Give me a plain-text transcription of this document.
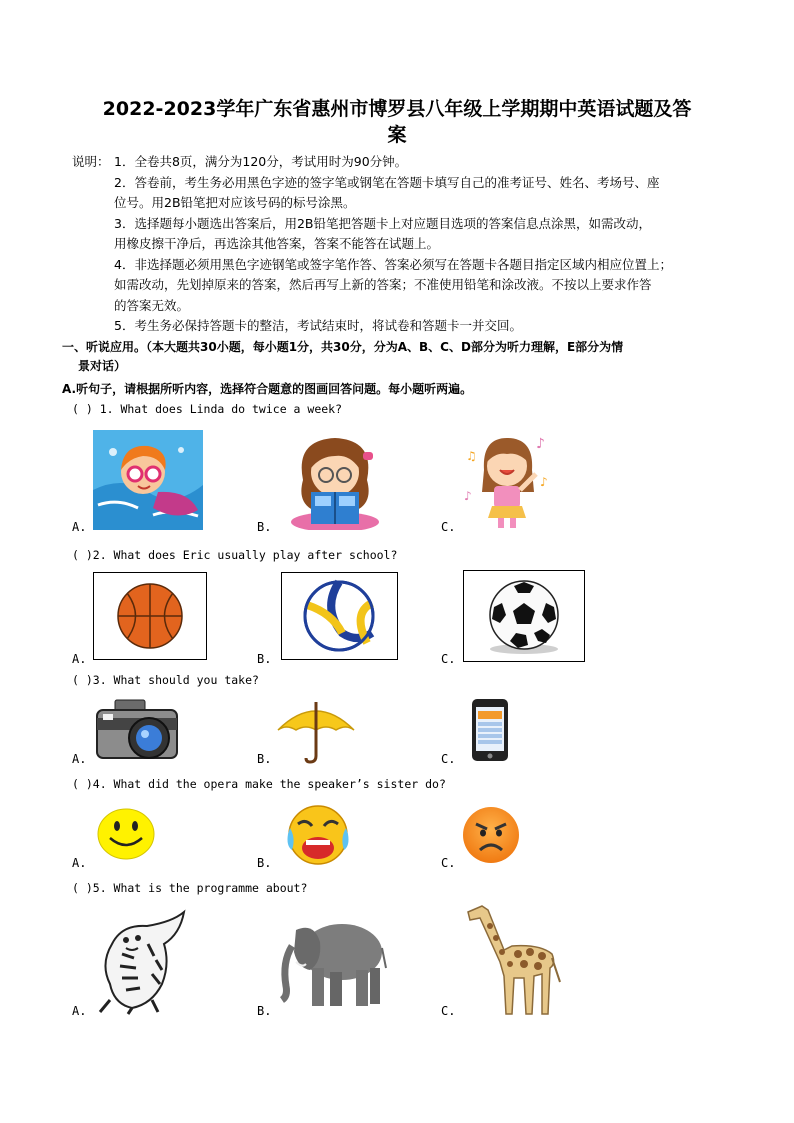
2022-2023学年广东省惠州市博罗县八年级上学期期中英语试题及答
案
说明： 1．全卷共8页，满分为120分，考试用时为90分钟。
2．答卷前，考生务必用黑色字迹的签字笔或钢笔在答题卡填写自己的准考证号、姓名、考场号、座
位号。用2B铅笔把对应该号码的标号涂黑。
3．选择题每小题选出答案后，用2B铅笔把答题卡上对应题目选项的答案信息点涂黑，如需改动，
用橡皮擦干净后，再选涂其他答案，答案不能答在试题上。
4．非选择题必须用黑色字迹钢笔或签字笔作答、答案必须写在答题卡各题目指定区域内相应位置上；
如需改动，先划掉原来的答案，然后再写上新的答案；不准使用铅笔和涂改液。不按以上要求作答
的答案无效。
5．考生务必保持答题卡的整洁，考试结束时，将试卷和答题卡一并交回。
一、听说应用。（本大题共30小题，每小题1分，共30分，分为A、B、C、D部分为听力理解，E部分为情
景对话）
A.听句子，请根据所听内容，选择符合题意的图画回答问题。每小题听两遍。
( ) 1. What does Linda do twice a week?
A.	B.
♪
♫
♪
♪
C.
( )2. What does Eric usually play after school?
A.	B.	C.
( )3. What should you take?
A.	B.	C.
( )4. What did the opera make the speaker’s sister do?
A.	B.	C.
( )5. What is the programme about?
A.	B.	C.
